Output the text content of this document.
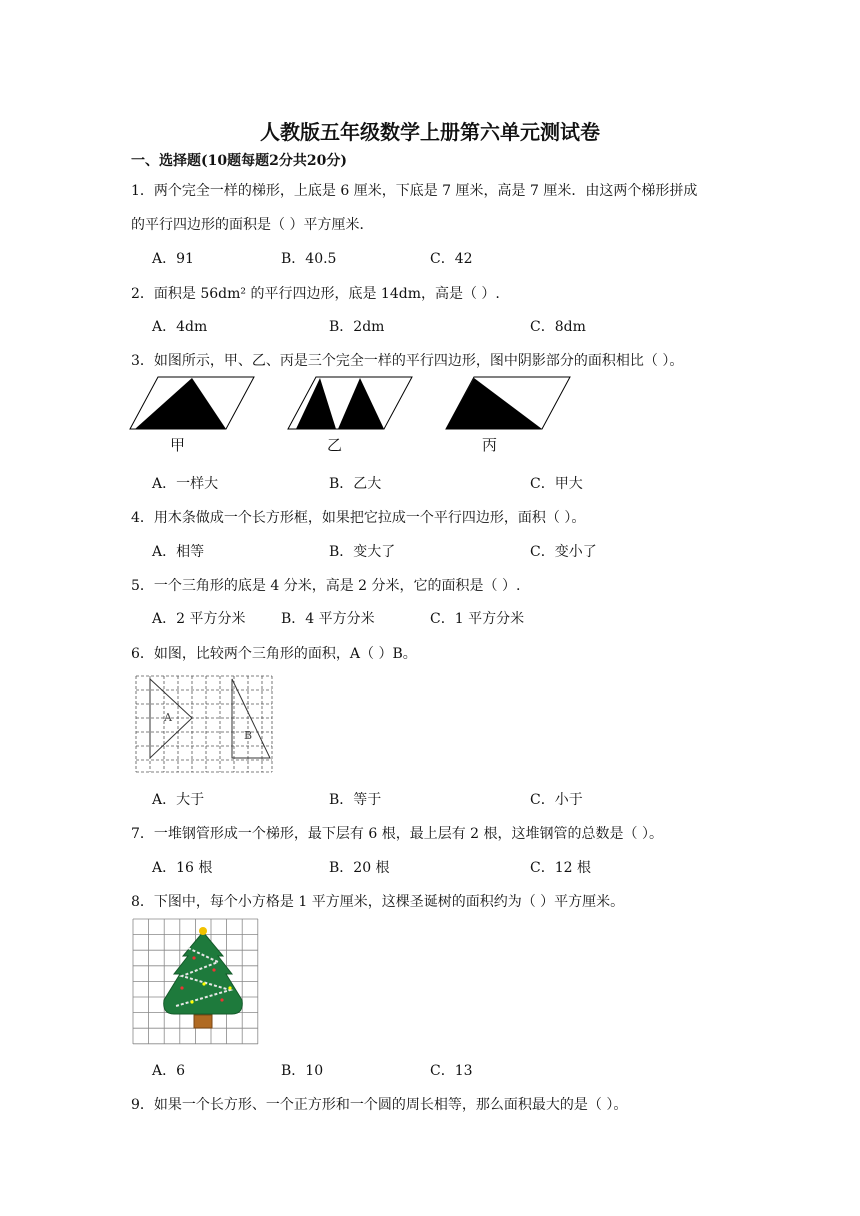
人教版五年级数学上册第六单元测试卷
一、选择题(10题每题2分共20分)
1．两个完全一样的梯形，上底是 6 厘米，下底是 7 厘米，高是 7 厘米．由这两个梯形拼成
的平行四边形的面积是（ ）平方厘米．
A．91	B．40.5	C．42
2．面积是 56dm² 的平行四边形，底是 14dm，高是（ ）.
A．4dm	B．2dm	C．8dm
3．如图所示，甲、乙、丙是三个完全一样的平行四边形，图中阴影部分的面积相比（ ）。
甲	乙	丙
A．一样大	B．乙大	C．甲大
4．用木条做成一个长方形框，如果把它拉成一个平行四边形，面积（ ）。
A．相等	B．变大了	C．变小了
5．一个三角形的底是 4 分米，高是 2 分米，它的面积是（ ）.
A．2 平方分米	B．4 平方分米	C．1 平方分米
6．如图，比较两个三角形的面积，A（ ）B。
A
B
A．大于	B．等于	C．小于
7．一堆钢管形成一个梯形，最下层有 6 根，最上层有 2 根，这堆钢管的总数是（ ）。
A．16 根	B．20 根	C．12 根
8．下图中，每个小方格是 1 平方厘米，这棵圣诞树的面积约为（ ）平方厘米。
A．6	B．10	C．13
9．如果一个长方形、一个正方形和一个圆的周长相等，那么面积最大的是（ ）。
